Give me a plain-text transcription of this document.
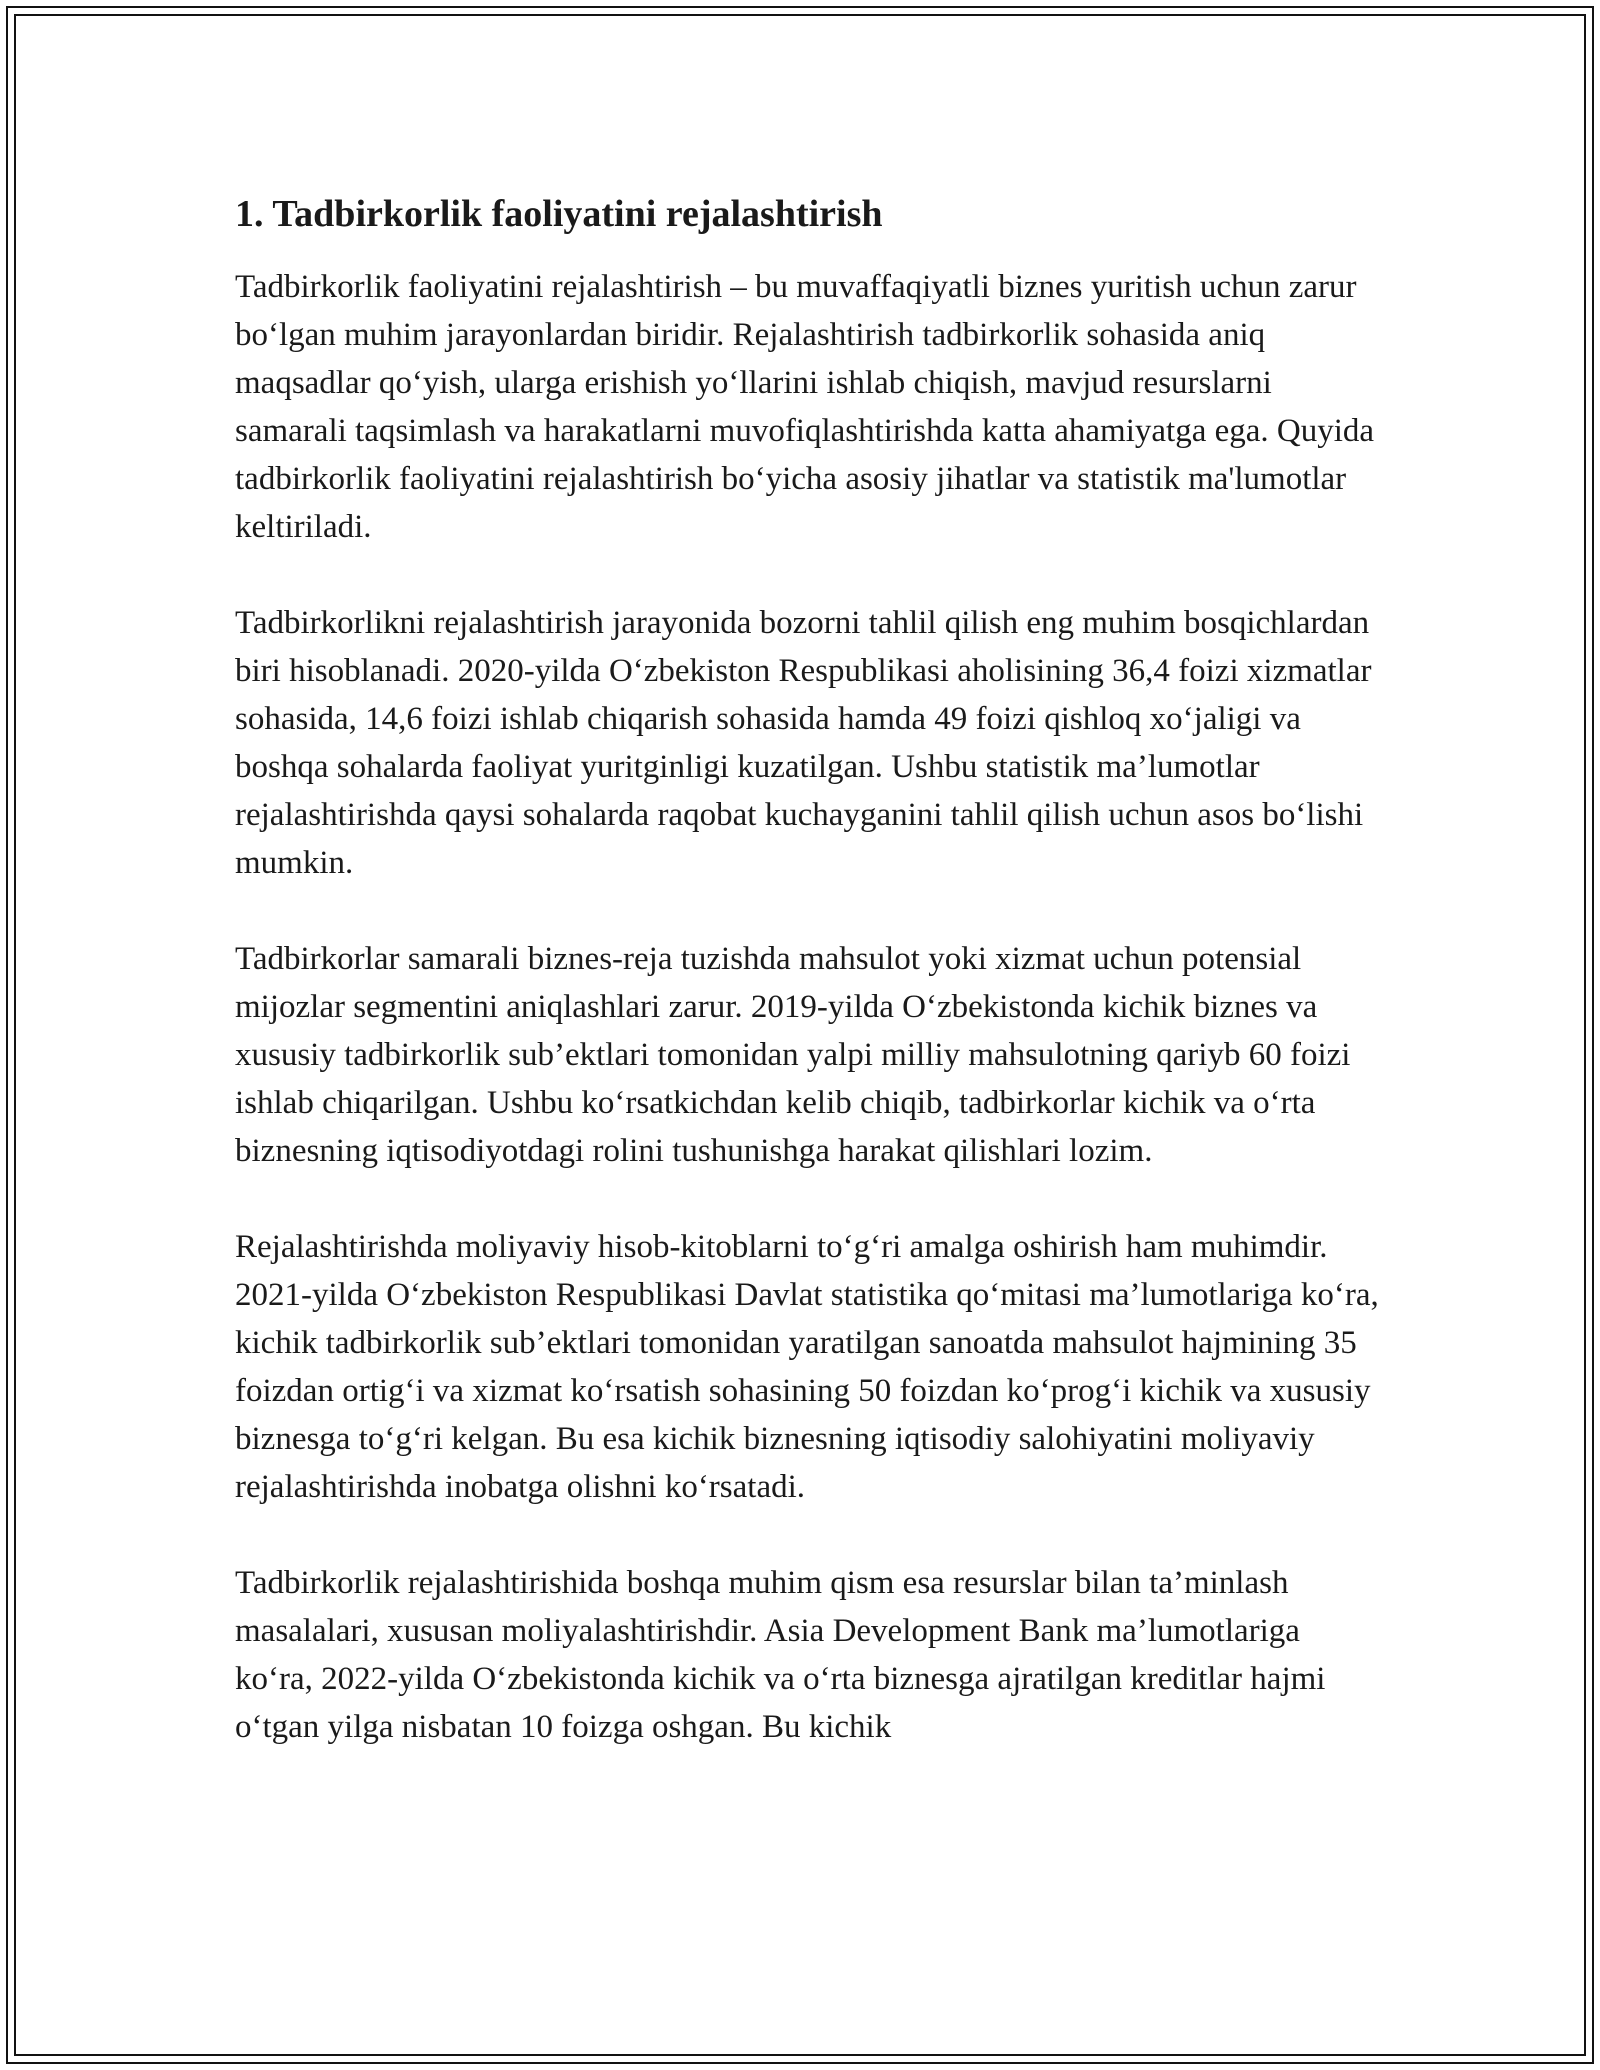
1. Tadbirkorlik faoliyatini rejalashtirish

Tadbirkorlik faoliyatini rejalashtirish – bu muvaffaqiyatli biznes yuritish uchun zarur bo‘lgan muhim jarayonlardan biridir. Rejalashtirish tadbirkorlik sohasida aniq maqsadlar qo‘yish, ularga erishish yo‘llarini ishlab chiqish, mavjud resurslarni samarali taqsimlash va harakatlarni muvofiqlashtirishda katta ahamiyatga ega. Quyida tadbirkorlik faoliyatini rejalashtirish bo‘yicha asosiy jihatlar va statistik ma'lumotlar keltiriladi.

Tadbirkorlikni rejalashtirish jarayonida bozorni tahlil qilish eng muhim bosqichlardan biri hisoblanadi. 2020-yilda O‘zbekiston Respublikasi aholisining 36,4 foizi xizmatlar sohasida, 14,6 foizi ishlab chiqarish sohasida hamda 49 foizi qishloq xo‘jaligi va boshqa sohalarda faoliyat yuritginligi kuzatilgan. Ushbu statistik ma’lumotlar rejalashtirishda qaysi sohalarda raqobat kuchayganini tahlil qilish uchun asos bo‘lishi mumkin.

Tadbirkorlar samarali biznes-reja tuzishda mahsulot yoki xizmat uchun potensial mijozlar segmentini aniqlashlari zarur. 2019-yilda O‘zbekistonda kichik biznes va xususiy tadbirkorlik sub’ektlari tomonidan yalpi milliy mahsulotning qariyb 60 foizi ishlab chiqarilgan. Ushbu ko‘rsatkichdan kelib chiqib, tadbirkorlar kichik va o‘rta biznesning iqtisodiyotdagi rolini tushunishga harakat qilishlari lozim.

Rejalashtirishda moliyaviy hisob-kitoblarni to‘g‘ri amalga oshirish ham muhimdir. 2021-yilda O‘zbekiston Respublikasi Davlat statistika qo‘mitasi ma’lumotlariga ko‘ra, kichik tadbirkorlik sub’ektlari tomonidan yaratilgan sanoatda mahsulot hajmining 35 foizdan ortig‘i va xizmat ko‘rsatish sohasining 50 foizdan ko‘prog‘i kichik va xususiy biznesga to‘g‘ri kelgan. Bu esa kichik biznesning iqtisodiy salohiyatini moliyaviy rejalashtirishda inobatga olishni ko‘rsatadi.

Tadbirkorlik rejalashtirishida boshqa muhim qism esa resurslar bilan ta’minlash masalalari, xususan moliyalashtirishdir. Asia Development Bank ma’lumotlariga ko‘ra, 2022-yilda O‘zbekistonda kichik va o‘rta biznesga ajratilgan kreditlar hajmi o‘tgan yilga nisbatan 10 foizga oshgan. Bu kichik
